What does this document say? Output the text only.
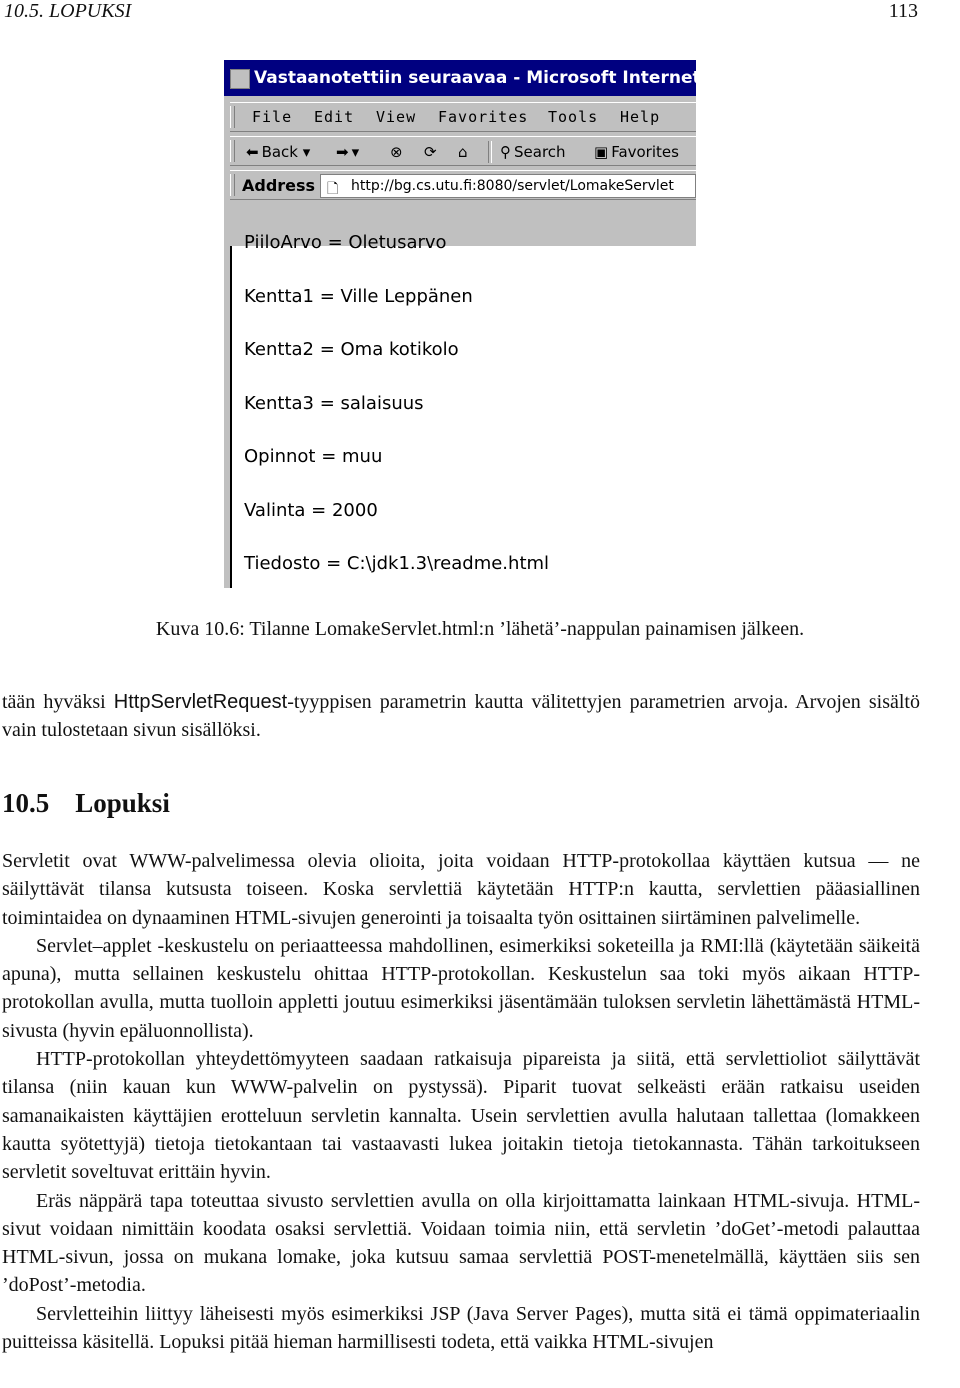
10.5. LOPUKSI	113
Vastaanotettiin seuraavaa - Microsoft Internet Expl
File Edit View Favorites Tools Help
⬅ Back ▾ ➡ ▾ ⊗ ⟳ ⌂ ⚲ Search ▣ Favorites
Address 🗋 http://bg.cs.utu.fi:8080/servlet/LomakeServlet
PiiloArvo = Oletusarvo
Kentta1 = Ville Leppänen
Kentta2 = Oma kotikolo
Kentta3 = salaisuus
Opinnot = muu
Valinta = 2000
Tiedosto = C:\jdk1.3\readme.html
Kuva 10.6: Tilanne LomakeServlet.html:n ’lähetä’-nappulan painamisen jälkeen.

tään hyväksi HttpServletRequest-tyyppisen parametrin kautta välitettyjen parametrien arvoja. Arvojen sisältö vain tulostetaan sivun sisällöksi.

10.5 Lopuksi

Servletit ovat WWW-palvelimessa olevia olioita, joita voidaan HTTP-protokollaa käyttäen kutsua — ne säilyttävät tilansa kutsusta toiseen. Koska servlettiä käytetään HTTP:n kautta, servlettien pääasiallinen toimintaidea on dynaaminen HTML-sivujen generointi ja toisaalta työn osittainen siirtäminen palvelimelle.

Servlet–applet -keskustelu on periaatteessa mahdollinen, esimerkiksi soketeilla ja RMI:llä (käytetään säikeitä apuna), mutta sellainen keskustelu ohittaa HTTP-protokollan. Keskustelun saa toki myös aikaan HTTP-protokollan avulla, mutta tuolloin appletti joutuu esimerkiksi jäsentämään tuloksen servletin lähettämästä HTML-sivusta (hyvin epäluonnollista).

HTTP-protokollan yhteydettömyyteen saadaan ratkaisuja pipareista ja siitä, että servlettioliot säilyttävät tilansa (niin kauan kun WWW-palvelin on pystyssä). Piparit tuovat selkeästi erään ratkaisu useiden samanaikaisten käyttäjien erotteluun servletin kannalta. Usein servlettien avulla halutaan tallettaa (lomakkeen kautta syötettyjä) tietoja tietokantaan tai vastaavasti lukea joitakin tietoja tietokannasta. Tähän tarkoitukseen servletit soveltuvat erittäin hyvin.

Eräs näppärä tapa toteuttaa sivusto servlettien avulla on olla kirjoittamatta lainkaan HTML-sivuja. HTML-sivut voidaan nimittäin koodata osaksi servlettiä. Voidaan toimia niin, että servletin ’doGet’-metodi palauttaa HTML-sivun, jossa on mukana lomake, joka kutsuu samaa servlettiä POST-menetelmällä, käyttäen siis sen ’doPost’-metodia.

Servletteihin liittyy läheisesti myös esimerkiksi JSP (Java Server Pages), mutta sitä ei tämä oppimateriaalin puitteissa käsitellä. Lopuksi pitää hieman harmillisesti todeta, että vaikka HTML-sivujen
